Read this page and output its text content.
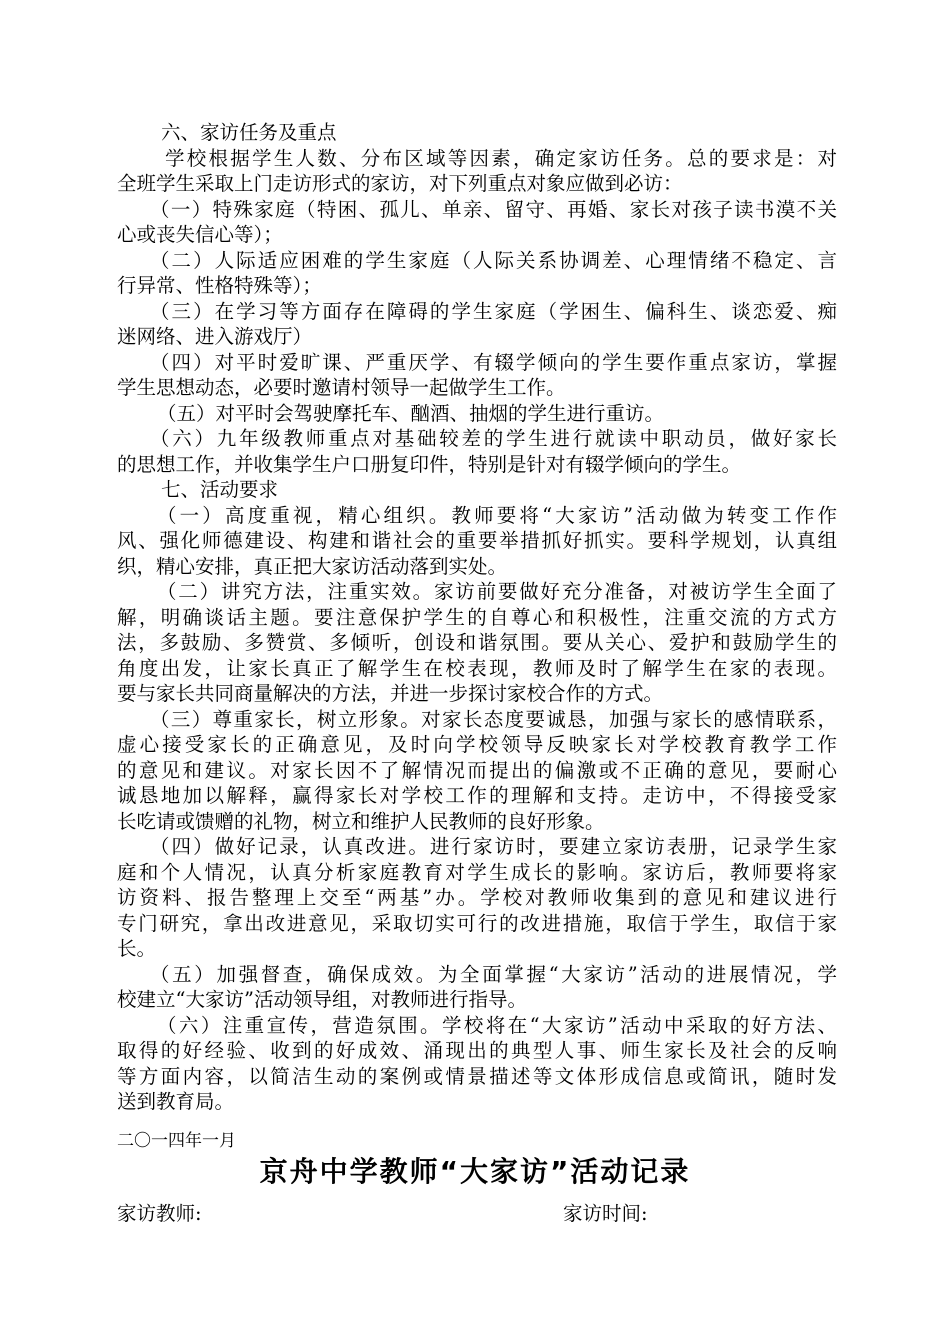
六、家访任务及重点
学校根据学生人数、分布区域等因素，确定家访任务。总的要求是：对
全班学生采取上门走访形式的家访，对下列重点对象应做到必访：
（一）特殊家庭（特困、孤儿、单亲、留守、再婚、家长对孩子读书漠不关
心或丧失信心等）；
（二）人际适应困难的学生家庭（人际关系协调差、心理情绪不稳定、言
行异常、性格特殊等）；
（三）在学习等方面存在障碍的学生家庭（学困生、偏科生、谈恋爱、痴
迷网络、进入游戏厅）
（四）对平时爱旷课、严重厌学、有辍学倾向的学生要作重点家访，掌握
学生思想动态，必要时邀请村领导一起做学生工作。
（五）对平时会驾驶摩托车、酗酒、抽烟的学生进行重访。
（六）九年级教师重点对基础较差的学生进行就读中职动员，做好家长
的思想工作，并收集学生户口册复印件，特别是针对有辍学倾向的学生。
七、活动要求
（一）高度重视，精心组织。教师要将“大家访”活动做为转变工作作
风、强化师德建设、构建和谐社会的重要举措抓好抓实。要科学规划，认真组
织，精心安排，真正把大家访活动落到实处。
（二）讲究方法，注重实效。家访前要做好充分准备，对被访学生全面了
解，明确谈话主题。要注意保护学生的自尊心和积极性，注重交流的方式方
法，多鼓励、多赞赏、多倾听，创设和谐氛围。要从关心、爱护和鼓励学生的
角度出发，让家长真正了解学生在校表现，教师及时了解学生在家的表现。
要与家长共同商量解决的方法，并进一步探讨家校合作的方式。
（三）尊重家长，树立形象。对家长态度要诚恳，加强与家长的感情联系，
虚心接受家长的正确意见，及时向学校领导反映家长对学校教育教学工作
的意见和建议。对家长因不了解情况而提出的偏激或不正确的意见，要耐心
诚恳地加以解释，赢得家长对学校工作的理解和支持。走访中，不得接受家
长吃请或馈赠的礼物，树立和维护人民教师的良好形象。
（四）做好记录，认真改进。进行家访时，要建立家访表册，记录学生家
庭和个人情况，认真分析家庭教育对学生成长的影响。家访后，教师要将家
访资料、报告整理上交至“两基”办。学校对教师收集到的意见和建议进行
专门研究，拿出改进意见，采取切实可行的改进措施，取信于学生，取信于家
长。
（五）加强督查，确保成效。为全面掌握“大家访”活动的进展情况，学
校建立“大家访”活动领导组，对教师进行指导。
（六）注重宣传，营造氛围。学校将在“大家访”活动中采取的好方法、
取得的好经验、收到的好成效、涌现出的典型人事、师生家长及社会的反响
等方面内容，以简洁生动的案例或情景描述等文体形成信息或简讯，随时发
送到教育局。
二〇一四年一月
京舟中学教师“大家访”活动记录
家访教师:	家访时间:
